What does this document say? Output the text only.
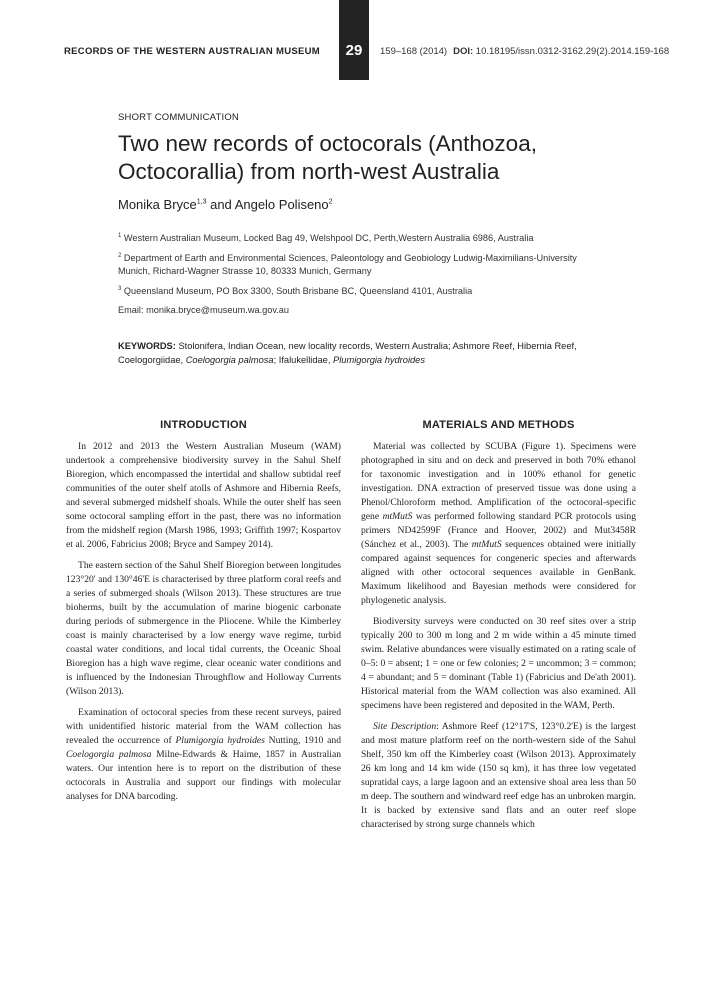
RECORDS OF THE WESTERN AUSTRALIAN MUSEUM	29	159–168 (2014) DOI: 10.18195/issn.0312-3162.29(2).2014.159-168
SHORT COMMUNICATION
Two new records of octocorals (Anthozoa, Octocorallia) from north-west Australia
Monika Bryce$^{1,3}$ and Angelo Poliseno$^2$
$^1$ Western Australian Museum, Locked Bag 49, Welshpool DC, Perth,Western Australia 6986, Australia
$^2$ Department of Earth and Environmental Sciences, Paleontology and Geobiology Ludwig-Maximilians-University Munich, Richard-Wagner Strasse 10, 80333 Munich, Germany
$^3$ Queensland Museum, PO Box 3300, South Brisbane BC, Queensland 4101, Australia
Email: monika.bryce@museum.wa.gov.au
KEYWORDS: Stolonifera, Indian Ocean, new locality records, Western Australia; Ashmore Reef, Hibernia Reef, Coelogorgiidae, Coelogorgia palmosa; Ifalukellidae, Plumigorgia hydroides
INTRODUCTION

In 2012 and 2013 the Western Australian Museum (WAM) undertook a comprehensive biodiversity survey in the Sahul Shelf Bioregion, which encompassed the intertidal and shallow subtidal reef communities of the outer shelf atolls of Ashmore and Hibernia Reefs, and several submerged midshelf shoals. While the outer shelf has seen some octocoral sampling effort in the past, there was no information from the midshelf region (Marsh 1986, 1993; Griffith 1997; Kospartov et al. 2006, Fabricius 2008; Bryce and Sampey 2014).

The eastern section of the Sahul Shelf Bioregion between longitudes 123°20' and 130°46'E is characterised by three platform coral reefs and a series of submerged shoals (Wilson 2013). These structures are true bioherms, built by the accumulation of marine biogenic carbonate during periods of submergence in the Pliocene. While the Kimberley coast is mainly characterised by a low energy wave regime, turbid coastal water conditions, and local tidal currents, the Oceanic Shoal Bioregion has a high wave regime, clear oceanic water conditions and is influenced by the Indonesian Throughflow and Holloway Currents (Wilson 2013).

Examination of octocoral species from these recent surveys, paired with unidentified historic material from the WAM collection has revealed the occurrence of Plumigorgia hydroides Nutting, 1910 and Coelogorgia palmosa Milne-Edwards & Haime, 1857 in Australian waters. Our intention here is to report on the distribution of these octocorals in Australia and support our findings with molecular analyses for DNA barcoding.

MATERIALS AND METHODS

Material was collected by SCUBA (Figure 1). Specimens were photographed in situ and on deck and preserved in both 70% ethanol for taxonomic investigation and in 100% ethanol for genetic investigation. DNA extraction of preserved tissue was done using a Phenol/Chloroform method. Amplification of the octocoral-specific gene mtMutS was performed following standard PCR protocols using primers ND42599F (France and Hoover, 2002) and Mut3458R (Sánchez et al., 2003). The mtMutS sequences obtained were initially compared against sequences for congeneric species and afterwards aligned with other octocoral sequences available in GenBank. Maximum likelihood and Bayesian methods were considered for phylogenetic analysis.

Biodiversity surveys were conducted on 30 reef sites over a strip typically 200 to 300 m long and 2 m wide within a 45 minute timed swim. Relative abundances were visually estimated on a rating scale of 0–5: 0 = absent; 1 = one or few colonies; 2 = uncommon; 3 = common; 4 = abundant; and 5 = dominant (Table 1) (Fabricius and De'ath 2001). Historical material from the WAM collection was also examined. All specimens have been registered and deposited in the WAM, Perth.

Site Description: Ashmore Reef (12°17'S, 123°0.2'E) is the largest and most mature platform reef on the north-western side of the Sahul Shelf, 350 km off the Kimberley coast (Wilson 2013). Approximately 26 km long and 14 km wide (150 sq km), it has three low vegetated supratidal cays, a large lagoon and an extensive shoal area less than 50 m deep. The southern and windward reef edge has an unbroken margin. It is backed by extensive sand flats and an outer reef slope characterised by strong surge channels which
